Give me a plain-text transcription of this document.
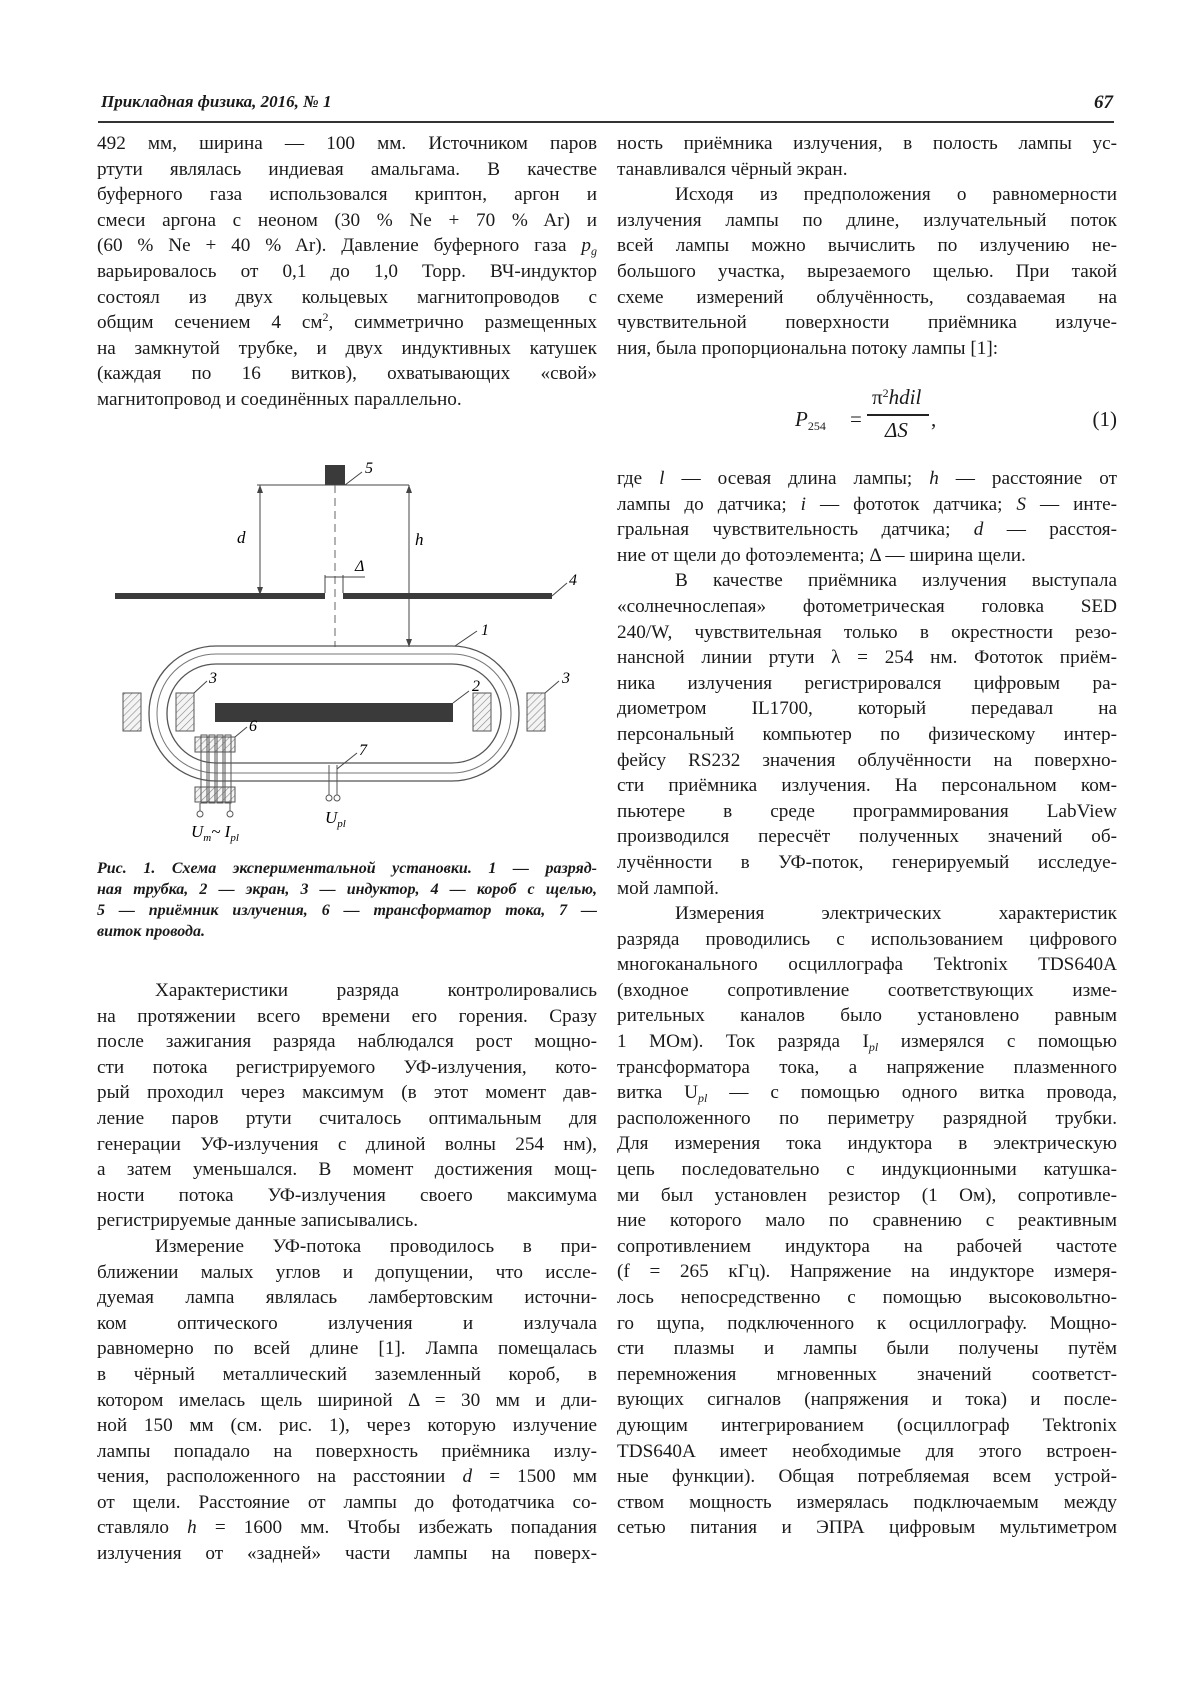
Прикладная физика, 2016, № 1	67
492 мм, ширина — 100 мм. Источником паров
ртути являлась индиевая амальгама. В качестве
буферного газа использовался криптон, аргон и
смеси аргона с неоном (30 % Ne + 70 % Ar) и
(60 % Ne + 40 % Ar). Давление буферного газа $p_g$
варьировалось от 0,1 до 1,0 Торр. ВЧ-индуктор
состоял из двух кольцевых магнитопроводов с
общим сечением 4 $см^2$, симметрично размещенных
на замкнутой трубке, и двух индуктивных катушек
(каждая по 16 витков), охватывающих «свой»
магнитопровод и соединённых параллельно.
d	h
Δ
5
4
1
2
3	3
6
7
$U_т\sim$ $I_{pl}$
$U_{pl}$
Рис. 1. Схема экспериментальной установки. 1 — разряд-
ная трубка, 2 — экран, 3 — индуктор, 4 — короб с щелью,
5 — приёмник излучения, 6 — трансформатор тока, 7 —
виток провода.
Характеристики разряда контролировались
на протяжении всего времени его горения. Сразу
после зажигания разряда наблюдался рост мощно-
сти потока регистрируемого УФ-излучения, кото-
рый проходил через максимум (в этот момент дав-
ление паров ртути считалось оптимальным для
генерации УФ-излучения с длиной волны 254 нм),
а затем уменьшался. В момент достижения мощ-
ности потока УФ-излучения своего максимума
регистрируемые данные записывались.
Измерение УФ-потока проводилось в при-
ближении малых углов и допущении, что иссле-
дуемая лампа являлась ламбертовским источни-
ком оптического излучения и излучала
равномерно по всей длине [1]. Лампа помещалась
в чёрный металлический заземленный короб, в
котором имелась щель шириной Δ = 30 мм и дли-
ной 150 мм (см. рис. 1), через которую излучение
лампы попадало на поверхность приёмника излу-
чения, расположенного на расстоянии d = 1500 мм
от щели. Расстояние от лампы до фотодатчика со-
ставляло h = 1600 мм. Чтобы избежать попадания
излучения от «задней» части лампы на поверх-
ность приёмника излучения, в полость лампы ус-
танавливался чёрный экран.
Исходя из предположения о равномерности
излучения лампы по длине, излучательный поток
всей лампы можно вычислить по излучению не-
большого участка, вырезаемого щелью. При такой
схеме измерений облучённость, создаваемая на
чувствительной поверхности приёмника излуче-
ния, была пропорциональна потоку лампы [1]:
$P_{254}$ =
$\pi^2hdil$
ΔS ,	(1)
где l — осевая длина лампы; h — расстояние от
лампы до датчика; i — фототок датчика; S — инте-
гральная чувствительность датчика; d — расстоя-
ние от щели до фотоэлемента; Δ — ширина щели.
В качестве приёмника излучения выступала
«солнечнослепая» фотометрическая головка SED
240/W, чувствительная только в окрестности резо-
нансной линии ртути λ = 254 нм. Фототок приём-
ника излучения регистрировался цифровым ра-
диометром IL1700, который передавал на
персональный компьютер по физическому интер-
фейсу RS232 значения облучённости на поверхно-
сти приёмника излучения. На персональном ком-
пьютере в среде программирования LabView
производился пересчёт полученных значений об-
лучённости в УФ-поток, генерируемый исследуе-
мой лампой.
Измерения электрических характеристик
разряда проводились с использованием цифрового
многоканального осциллографа Tektronix TDS640A
(входное сопротивление соответствующих изме-
рительных каналов было установлено равным
1 МОм). Ток разряда $I_{pl}$ измерялся с помощью
трансформатора тока, а напряжение плазменного
витка $U_{pl}$ — с помощью одного витка провода,
расположенного по периметру разрядной трубки.
Для измерения тока индуктора в электрическую
цепь последовательно с индукционными катушка-
ми был установлен резистор (1 Ом), сопротивле-
ние которого мало по сравнению с реактивным
сопротивлением индуктора на рабочей частоте
(f = 265 кГц). Напряжение на индукторе измеря-
лось непосредственно с помощью высоковольтно-
го щупа, подключенного к осциллографу. Мощно-
сти плазмы и лампы были получены путём
перемножения мгновенных значений соответст-
вующих сигналов (напряжения и тока) и после-
дующим интегрированием (осциллограф Tektronix
TDS640A имеет необходимые для этого встроен-
ные функции). Общая потребляемая всем устрой-
ством мощность измерялась подключаемым между
сетью питания и ЭПРА цифровым мультиметром
